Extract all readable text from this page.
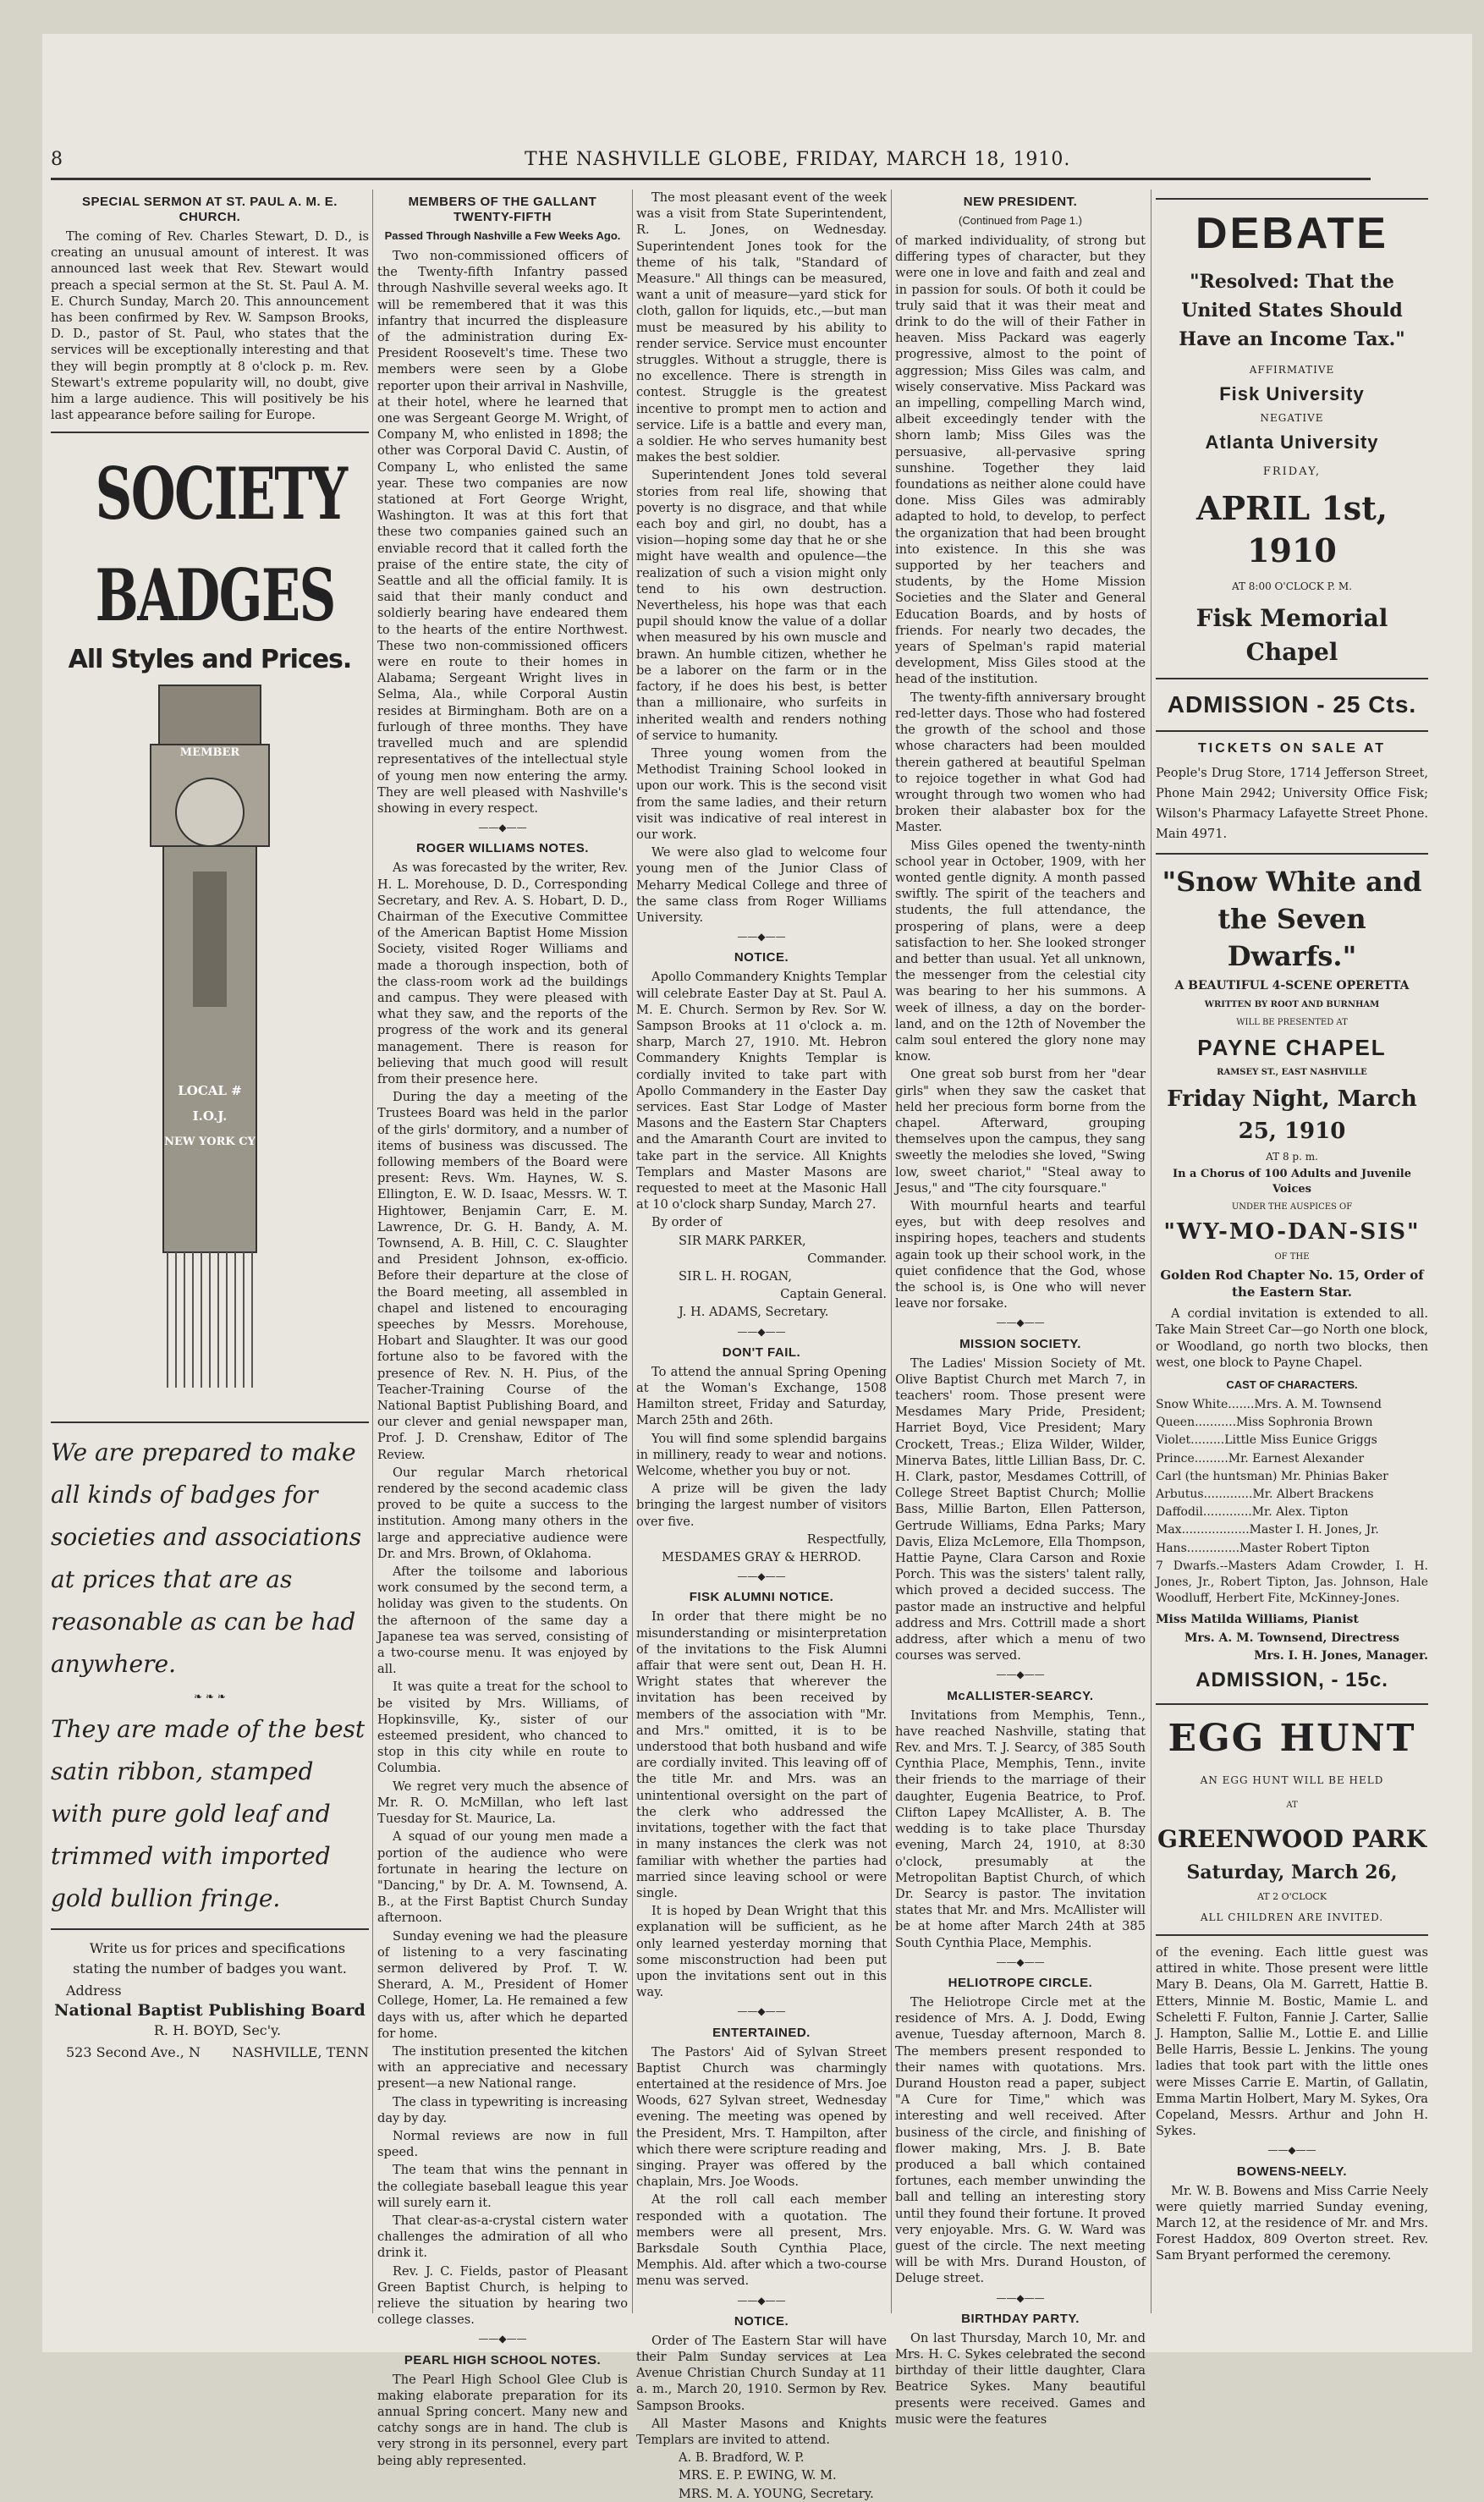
8	THE NASHVILLE GLOBE, FRIDAY, MARCH 18, 1910.
SPECIAL SERMON AT ST. PAUL A. M. E. CHURCH.

The coming of Rev. Charles Stewart, D. D., is creating an unusual amount of interest. It was announced last week that Rev. Stewart would preach a special sermon at the St. St. Paul A. M. E. Church Sunday, March 20. This announcement has been confirmed by Rev. W. Sampson Brooks, D. D., pastor of St. Paul, who states that the services will be exceptionally interesting and that they will begin promptly at 8 o'clock p. m. Rev. Stewart's extreme popularity will, no doubt, give him a large audience. This will positively be his last appearance before sailing for Europe.

SOCIETY
BADGES
All Styles and Prices.
MEMBER
LOCAL #
I.O.J.
NEW YORK CY

We are prepared to make all kinds of badges for societies and associations at prices that are as reasonable as can be had anywhere.

❧ ❧ ❧

They are made of the best satin ribbon, stamped with pure gold leaf and trimmed with imported gold bullion fringe.

Write us for prices and specifications stating the number of badges you want.

Address

National Baptist Publishing Board

R. H. BOYD, Sec'y.

523 Second Ave., N	NASHVILLE, TENN

MEMBERS OF THE GALLANT TWENTY-FIFTH
Passed Through Nashville a Few Weeks Ago.

Two non-commissioned officers of the Twenty-fifth Infantry passed through Nashville several weeks ago. It will be remembered that it was this infantry that incurred the displeasure of the administration during Ex-President Roosevelt's time. These two members were seen by a Globe reporter upon their arrival in Nashville, at their hotel, where he learned that one was Sergeant George M. Wright, of Company M, who enlisted in 1898; the other was Corporal David C. Austin, of Company L, who enlisted the same year. These two companies are now stationed at Fort George Wright, Washington. It was at this fort that these two companies gained such an enviable record that it called forth the praise of the entire state, the city of Seattle and all the official family. It is said that their manly conduct and soldierly bearing have endeared them to the hearts of the entire Northwest. These two non-commissioned officers were en route to their homes in Alabama; Sergeant Wright lives in Selma, Ala., while Corporal Austin resides at Birmingham. Both are on a furlough of three months. They have travelled much and are splendid representatives of the intellectual style of young men now entering the army. They are well pleased with Nashville's showing in every respect.

——◆——
ROGER WILLIAMS NOTES.

As was forecasted by the writer, Rev. H. L. Morehouse, D. D., Corresponding Secretary, and Rev. A. S. Hobart, D. D., Chairman of the Executive Committee of the American Baptist Home Mission Society, visited Roger Williams and made a thorough inspection, both of the class-room work ad the buildings and campus. They were pleased with what they saw, and the reports of the progress of the work and its general management. There is reason for believing that much good will result from their presence here.

During the day a meeting of the Trustees Board was held in the parlor of the girls' dormitory, and a number of items of business was discussed. The following members of the Board were present: Revs. Wm. Haynes, W. S. Ellington, E. W. D. Isaac, Messrs. W. T. Hightower, Benjamin Carr, E. M. Lawrence, Dr. G. H. Bandy, A. M. Townsend, A. B. Hill, C. C. Slaughter and President Johnson, ex-officio. Before their departure at the close of the Board meeting, all assembled in chapel and listened to encouraging speeches by Messrs. Morehouse, Hobart and Slaughter. It was our good fortune also to be favored with the presence of Rev. N. H. Pius, of the Teacher-Training Course of the National Baptist Publishing Board, and our clever and genial newspaper man, Prof. J. D. Crenshaw, Editor of The Review.

Our regular March rhetorical rendered by the second academic class proved to be quite a success to the institution. Among many others in the large and appreciative audience were Dr. and Mrs. Brown, of Oklahoma.

After the toilsome and laborious work consumed by the second term, a holiday was given to the students. On the afternoon of the same day a Japanese tea was served, consisting of a two-course menu. It was enjoyed by all.

It was quite a treat for the school to be visited by Mrs. Williams, of Hopkinsville, Ky., sister of our esteemed president, who chanced to stop in this city while en route to Columbia.

We regret very much the absence of Mr. R. O. McMillan, who left last Tuesday for St. Maurice, La.

A squad of our young men made a portion of the audience who were fortunate in hearing the lecture on "Dancing," by Dr. A. M. Townsend, A. B., at the First Baptist Church Sunday afternoon.

Sunday evening we had the pleasure of listening to a very fascinating sermon delivered by Prof. T. W. Sherard, A. M., President of Homer College, Homer, La. He remained a few days with us, after which he departed for home.

The institution presented the kitchen with an appreciative and necessary present—a new National range.

The class in typewriting is increasing day by day.

Normal reviews are now in full speed.

The team that wins the pennant in the collegiate baseball league this year will surely earn it.

That clear-as-a-crystal cistern water challenges the admiration of all who drink it.

Rev. J. C. Fields, pastor of Pleasant Green Baptist Church, is helping to relieve the situation by hearing two college classes.

——◆——
PEARL HIGH SCHOOL NOTES.

The Pearl High School Glee Club is making elaborate preparation for its annual Spring concert. Many new and catchy songs are in hand. The club is very strong in its personnel, every part being ably represented.

The most pleasant event of the week was a visit from State Superintendent, R. L. Jones, on Wednesday. Superintendent Jones took for the theme of his talk, "Standard of Measure." All things can be measured, want a unit of measure—yard stick for cloth, gallon for liquids, etc.,—but man must be measured by his ability to render service. Service must encounter struggles. Without a struggle, there is no excellence. There is strength in contest. Struggle is the greatest incentive to prompt men to action and service. Life is a battle and every man, a soldier. He who serves humanity best makes the best soldier.

Superintendent Jones told several stories from real life, showing that poverty is no disgrace, and that while each boy and girl, no doubt, has a vision—hoping some day that he or she might have wealth and opulence—the realization of such a vision might only tend to his own destruction. Nevertheless, his hope was that each pupil should know the value of a dollar when measured by his own muscle and brawn. An humble citizen, whether he be a laborer on the farm or in the factory, if he does his best, is better than a millionaire, who surfeits in inherited wealth and renders nothing of service to humanity.

Three young women from the Methodist Training School looked in upon our work. This is the second visit from the same ladies, and their return visit was indicative of real interest in our work.

We were also glad to welcome four young men of the Junior Class of Meharry Medical College and three of the same class from Roger Williams University.

——◆——
NOTICE.

Apollo Commandery Knights Templar will celebrate Easter Day at St. Paul A. M. E. Church. Sermon by Rev. Sor W. Sampson Brooks at 11 o'clock a. m. sharp, March 27, 1910. Mt. Hebron Commandery Knights Templar is cordially invited to take part with Apollo Commandery in the Easter Day services. East Star Lodge of Master Masons and the Eastern Star Chapters and the Amaranth Court are invited to take part in the service. All Knights Templars and Master Masons are requested to meet at the Masonic Hall at 10 o'clock sharp Sunday, March 27.

By order of

SIR MARK PARKER,

Commander.

SIR L. H. ROGAN,

Captain General.

J. H. ADAMS, Secretary.

——◆——
DON'T FAIL.

To attend the annual Spring Opening at the Woman's Exchange, 1508 Hamilton street, Friday and Saturday, March 25th and 26th.

You will find some splendid bargains in millinery, ready to wear and notions. Welcome, whether you buy or not.

A prize will be given the lady bringing the largest number of visitors over five.

Respectfully,

MESDAMES GRAY & HERROD.

——◆——
FISK ALUMNI NOTICE.

In order that there might be no misunderstanding or misinterpretation of the invitations to the Fisk Alumni affair that were sent out, Dean H. H. Wright states that wherever the invitation has been received by members of the association with "Mr. and Mrs." omitted, it is to be understood that both husband and wife are cordially invited. This leaving off of the title Mr. and Mrs. was an unintentional oversight on the part of the clerk who addressed the invitations, together with the fact that in many instances the clerk was not familiar with whether the parties had married since leaving school or were single.

It is hoped by Dean Wright that this explanation will be sufficient, as he only learned yesterday morning that some misconstruction had been put upon the invitations sent out in this way.

——◆——
ENTERTAINED.

The Pastors' Aid of Sylvan Street Baptist Church was charmingly entertained at the residence of Mrs. Joe Woods, 627 Sylvan street, Wednesday evening. The meeting was opened by the President, Mrs. T. Hampilton, after which there were scripture reading and singing. Prayer was offered by the chaplain, Mrs. Joe Woods.

At the roll call each member responded with a quotation. The members were all present, Mrs. Barksdale South Cynthia Place, Memphis. Ald. after which a two-course menu was served.

——◆——
NOTICE.

Order of The Eastern Star will have their Palm Sunday services at Lea Avenue Christian Church Sunday at 11 a. m., March 20, 1910. Sermon by Rev. Sampson Brooks.

All Master Masons and Knights Templars are invited to attend.

A. B. Bradford, W. P.

MRS. E. P. EWING, W. M.

MRS. M. A. YOUNG, Secretary.

NEW PRESIDENT.
(Continued from Page 1.)

of marked individuality, of strong but differing types of character, but they were one in love and faith and zeal and in passion for souls. Of both it could be truly said that it was their meat and drink to do the will of their Father in heaven. Miss Packard was eagerly progressive, almost to the point of aggression; Miss Giles was calm, and wisely conservative. Miss Packard was an impelling, compelling March wind, albeit exceedingly tender with the shorn lamb; Miss Giles was the persuasive, all-pervasive spring sunshine. Together they laid foundations as neither alone could have done. Miss Giles was admirably adapted to hold, to develop, to perfect the organization that had been brought into existence. In this she was supported by her teachers and students, by the Home Mission Societies and the Slater and General Education Boards, and by hosts of friends. For nearly two decades, the years of Spelman's rapid material development, Miss Giles stood at the head of the institution.

The twenty-fifth anniversary brought red-letter days. Those who had fostered the growth of the school and those whose characters had been moulded therein gathered at beautiful Spelman to rejoice together in what God had wrought through two women who had broken their alabaster box for the Master.

Miss Giles opened the twenty-ninth school year in October, 1909, with her wonted gentle dignity. A month passed swiftly. The spirit of the teachers and students, the full attendance, the prospering of plans, were a deep satisfaction to her. She looked stronger and better than usual. Yet all unknown, the messenger from the celestial city was bearing to her his summons. A week of illness, a day on the border-land, and on the 12th of November the calm soul entered the glory none may know.

One great sob burst from her "dear girls" when they saw the casket that held her precious form borne from the chapel. Afterward, grouping themselves upon the campus, they sang sweetly the melodies she loved, "Swing low, sweet chariot," "Steal away to Jesus," and "The city foursquare."

With mournful hearts and tearful eyes, but with deep resolves and inspiring hopes, teachers and students again took up their school work, in the quiet confidence that the God, whose the school is, is One who will never leave nor forsake.

——◆——
MISSION SOCIETY.

The Ladies' Mission Society of Mt. Olive Baptist Church met March 7, in teachers' room. Those present were Mesdames Mary Pride, President; Harriet Boyd, Vice President; Mary Crockett, Treas.; Eliza Wilder, Wilder, Minerva Bates, little Lillian Bass, Dr. C. H. Clark, pastor, Mesdames Cottrill, of College Street Baptist Church; Mollie Bass, Millie Barton, Ellen Patterson, Gertrude Williams, Edna Parks; Mary Davis, Eliza McLemore, Ella Thompson, Hattie Payne, Clara Carson and Roxie Porch. This was the sisters' talent rally, which proved a decided success. The pastor made an instructive and helpful address and Mrs. Cottrill made a short address, after which a menu of two courses was served.

——◆——
McALLISTER-SEARCY.

Invitations from Memphis, Tenn., have reached Nashville, stating that Rev. and Mrs. T. J. Searcy, of 385 South Cynthia Place, Memphis, Tenn., invite their friends to the marriage of their daughter, Eugenia Beatrice, to Prof. Clifton Lapey McAllister, A. B. The wedding is to take place Thursday evening, March 24, 1910, at 8:30 o'clock, presumably at the Metropolitan Baptist Church, of which Dr. Searcy is pastor. The invitation states that Mr. and Mrs. McAllister will be at home after March 24th at 385 South Cynthia Place, Memphis.

——◆——
HELIOTROPE CIRCLE.

The Heliotrope Circle met at the residence of Mrs. A. J. Dodd, Ewing avenue, Tuesday afternoon, March 8. The members present responded to their names with quotations. Mrs. Durand Houston read a paper, subject "A Cure for Time," which was interesting and well received. After business of the circle, and finishing of flower making, Mrs. J. B. Bate produced a ball which contained fortunes, each member unwinding the ball and telling an interesting story until they found their fortune. It proved very enjoyable. Mrs. G. W. Ward was guest of the circle. The next meeting will be with Mrs. Durand Houston, of Deluge street.

——◆——
BIRTHDAY PARTY.

On last Thursday, March 10, Mr. and Mrs. H. C. Sykes celebrated the second birthday of their little daughter, Clara Beatrice Sykes. Many beautiful presents were received. Games and music were the features

DEBATE

"Resolved: That the United States Should Have an Income Tax."

AFFIRMATIVE

Fisk University

NEGATIVE

Atlanta University

FRIDAY,

APRIL 1st, 1910

AT 8:00 O'CLOCK P. M.

Fisk Memorial Chapel

ADMISSION - 25 Cts.

TICKETS ON SALE AT

People's Drug Store, 1714 Jefferson Street, Phone Main 2942; University Office Fisk; Wilson's Pharmacy Lafayette Street Phone. Main 4971.

"Snow White and the Seven Dwarfs."

A BEAUTIFUL 4-SCENE OPERETTA

WRITTEN BY ROOT AND BURNHAM

WILL BE PRESENTED AT

PAYNE CHAPEL

RAMSEY ST., EAST NASHVILLE

Friday Night, March 25, 1910

AT 8 p. m.

In a Chorus of 100 Adults and Juvenile Voices

UNDER THE AUSPICES OF

"WY-MO-DAN-SIS"

OF THE

Golden Rod Chapter No. 15, Order of the Eastern Star.

A cordial invitation is extended to all. Take Main Street Car—go North one block, or Woodland, go north two blocks, then west, one block to Payne Chapel.

CAST OF CHARACTERS.

Snow White.......Mrs. A. M. Townsend

Queen...........Miss Sophronia Brown

Violet.........Little Miss Eunice Griggs

Prince.........Mr. Earnest Alexander

Carl (the huntsman) Mr. Phinias Baker

Arbutus.............Mr. Albert Brackens

Daffodil.............Mr. Alex. Tipton

Max..................Master I. H. Jones, Jr.

Hans..............Master Robert Tipton

7 Dwarfs.--Masters Adam Crowder, I. H. Jones, Jr., Robert Tipton, Jas. Johnson, Hale Woodluff, Herbert Fite, McKinney-Jones.

Miss Matilda Williams, Pianist

Mrs. A. M. Townsend, Directress

Mrs. I. H. Jones, Manager.

ADMISSION, - 15c.

EGG HUNT

AN EGG HUNT WILL BE HELD

AT

GREENWOOD PARK

Saturday, March 26,

AT 2 O'CLOCK

ALL CHILDREN ARE INVITED.

of the evening. Each little guest was attired in white. Those present were little Mary B. Deans, Ola M. Garrett, Hattie B. Etters, Minnie M. Bostic, Mamie L. and Scheletti F. Fulton, Fannie J. Carter, Sallie J. Hampton, Sallie M., Lottie E. and Lillie Belle Harris, Bessie L. Jenkins. The young ladies that took part with the little ones were Misses Carrie E. Martin, of Gallatin, Emma Martin Holbert, Mary M. Sykes, Ora Copeland, Messrs. Arthur and John H. Sykes.

——◆——
BOWENS-NEELY.

Mr. W. B. Bowens and Miss Carrie Neely were quietly married Sunday evening, March 12, at the residence of Mr. and Mrs. Forest Haddox, 809 Overton street. Rev. Sam Bryant performed the ceremony.
